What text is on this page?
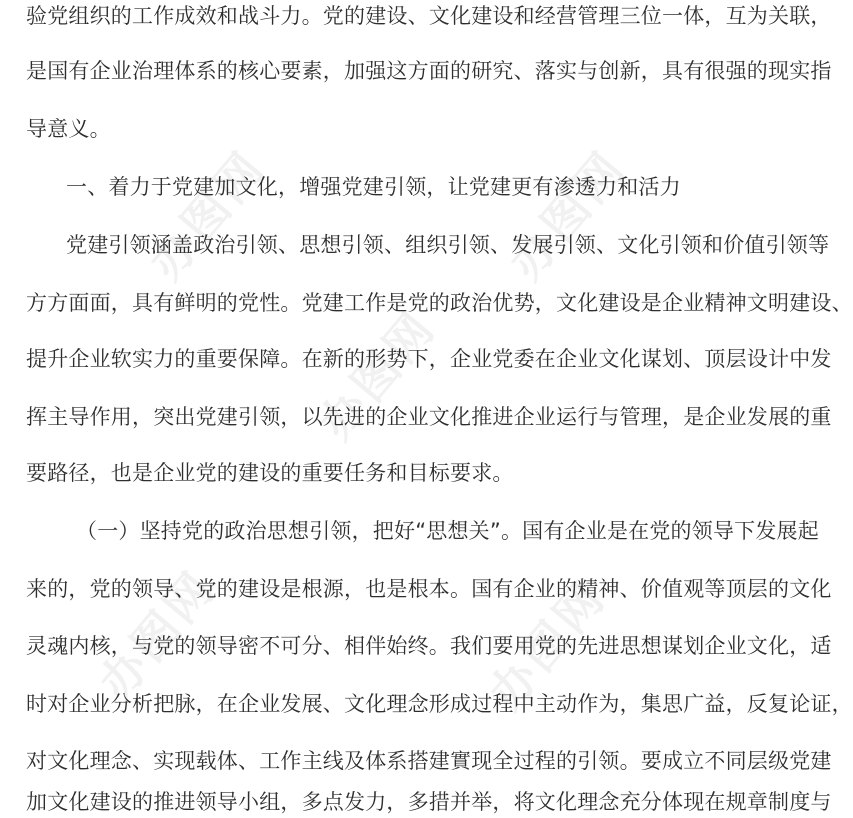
办图网	办图网
办图网
办图网	办图网
验党组织的工作成效和战斗力。党的建设、文化建设和经营管理三位一体，互为关联，
是国有企业治理体系的核心要素，加强这方面的研究、落实与创新，具有很强的现实指
导意义。
一、着力于党建加文化，增强党建引领，让党建更有渗透力和活力
党建引领涵盖政治引领、思想引领、组织引领、发展引领、文化引领和价值引领等
方方面面，具有鲜明的党性。党建工作是党的政治优势，文化建设是企业精神文明建设、
提升企业软实力的重要保障。在新的形势下，企业党委在企业文化谋划、顶层设计中发
挥主导作用，突出党建引领，以先进的企业文化推进企业运行与管理，是企业发展的重
要路径，也是企业党的建设的重要任务和目标要求。
（一）坚持党的政治思想引领，把好“思想关”。国有企业是在党的领导下发展起
来的，党的领导、党的建设是根源，也是根本。国有企业的精神、价值观等顶层的文化
灵魂内核，与党的领导密不可分、相伴始终。我们要用党的先进思想谋划企业文化，适
时对企业分析把脉，在企业发展、文化理念形成过程中主动作为，集思广益，反复论证，
对文化理念、实现载体、工作主线及体系搭建實现全过程的引领。要成立不同层级党建
加文化建设的推进领导小组，多点发力，多措并举，将文化理念充分体现在规章制度与
